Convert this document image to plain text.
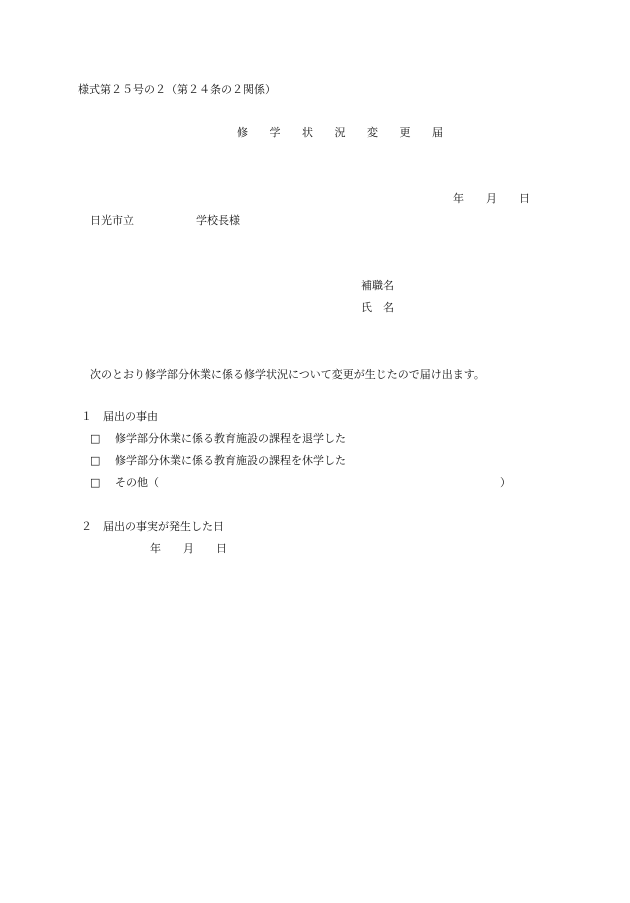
様式第２５号の２（第２４条の２関係）
修 学 状 況 変 更 届
年　　月　　日
日光市立	学校長様
補職名
氏　名
次のとおり修学部分休業に係る修学状況について変更が生じたので届け出ます。
１　届出の事由
□ 修学部分休業に係る教育施設の課程を退学した
□ 修学部分休業に係る教育施設の課程を休学した
□ その他（	）
２　届出の事実が発生した日
年　　月　　日
